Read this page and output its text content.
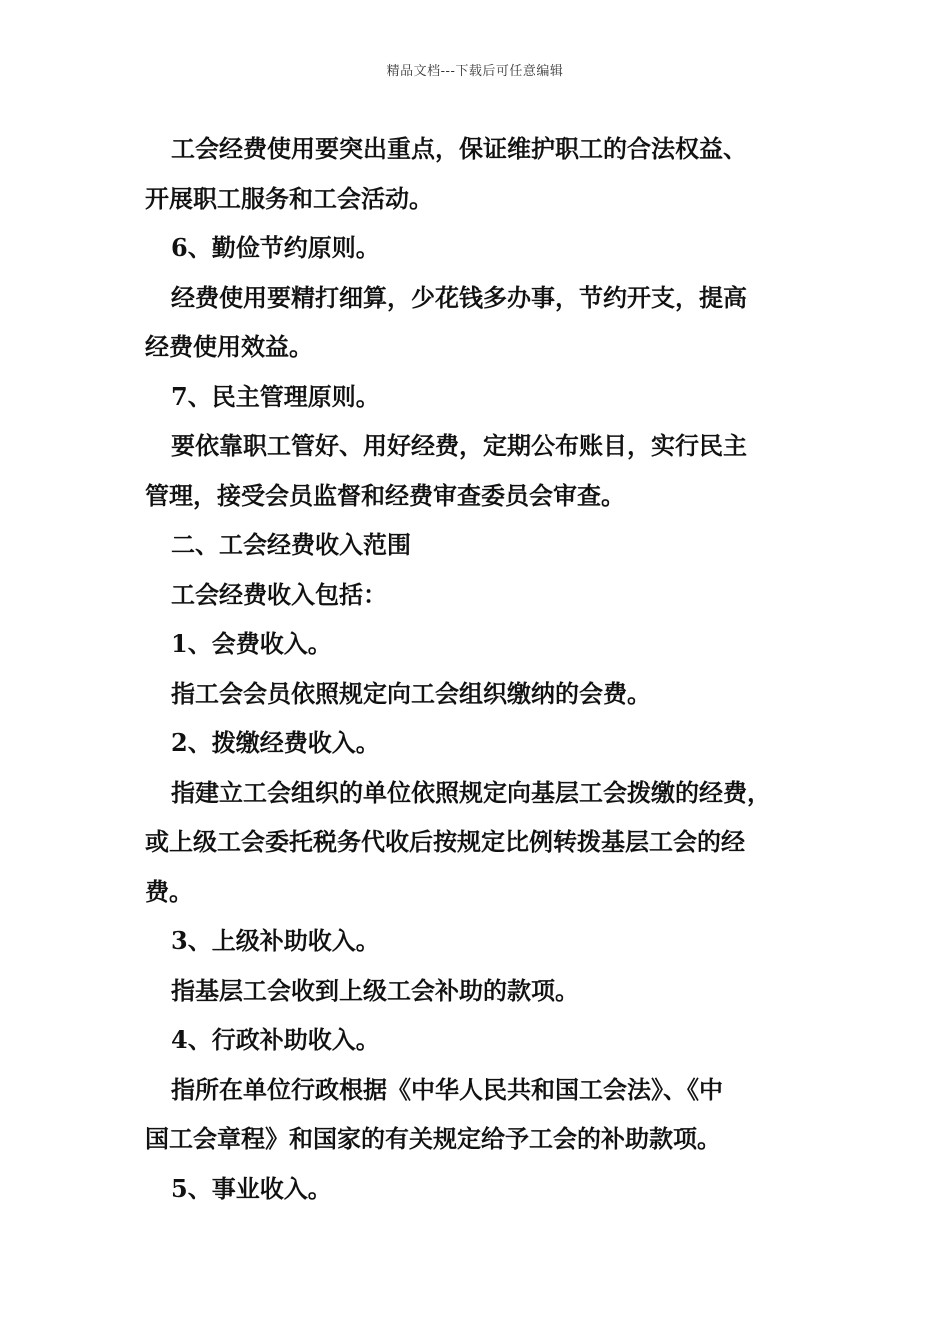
精品文档---下载后可任意编辑
工会经费使用要突出重点，保证维护职工的合法权益、
开展职工服务和工会活动。
6、勤俭节约原则。
经费使用要精打细算，少花钱多办事，节约开支，提高
经费使用效益。
7、民主管理原则。
要依靠职工管好、用好经费，定期公布账目，实行民主
管理，接受会员监督和经费审查委员会审查。
二、工会经费收入范围
工会经费收入包括：
1、会费收入。
指工会会员依照规定向工会组织缴纳的会费。
2、拨缴经费收入。
指建立工会组织的单位依照规定向基层工会拨缴的经费，
或上级工会委托税务代收后按规定比例转拨基层工会的经
费。
3、上级补助收入。
指基层工会收到上级工会补助的款项。
4、行政补助收入。
指所在单位行政根据《中华人民共和国工会法》、《中
国工会章程》和国家的有关规定给予工会的补助款项。
5、事业收入。
